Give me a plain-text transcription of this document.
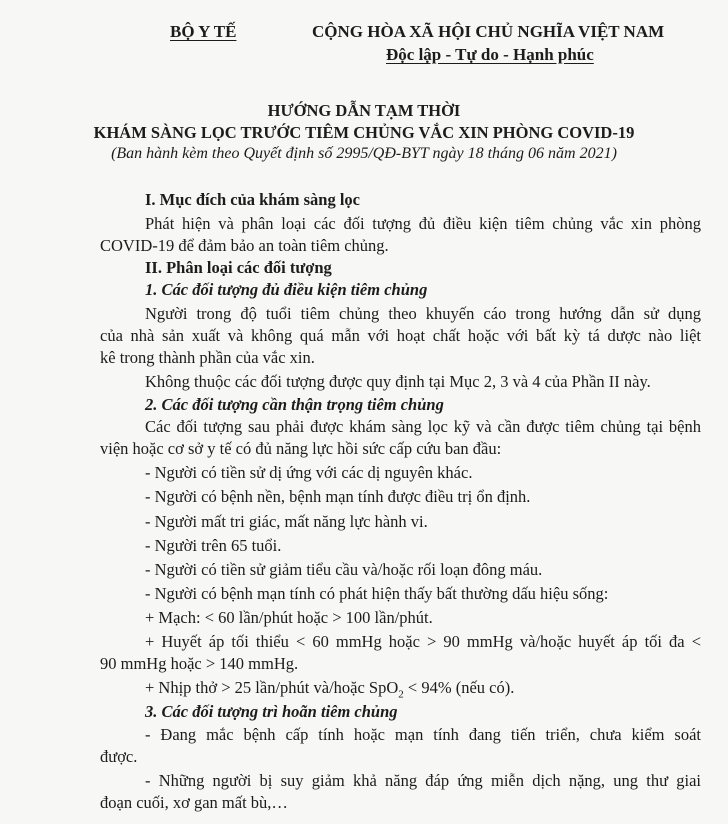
BỘ Y TẾ	CỘNG HÒA XÃ HỘI CHỦ NGHĨA VIỆT NAM
Độc lập - Tự do - Hạnh phúc
HƯỚNG DẪN TẠM THỜI
KHÁM SÀNG LỌC TRƯỚC TIÊM CHỦNG VẮC XIN PHÒNG COVID-19
(Ban hành kèm theo Quyết định số 2995/QĐ-BYT ngày 18 tháng 06 năm 2021)
I. Mục đích của khám sàng lọc
Phát hiện và phân loại các đối tượng đủ điều kiện tiêm chủng vắc xin phòng
COVID-19 để đảm bảo an toàn tiêm chủng.
II. Phân loại các đối tượng
1. Các đối tượng đủ điều kiện tiêm chủng
Người trong độ tuổi tiêm chủng theo khuyến cáo trong hướng dẫn sử dụng
của nhà sản xuất và không quá mẫn với hoạt chất hoặc với bất kỳ tá dược nào liệt
kê trong thành phần của vắc xin.
Không thuộc các đối tượng được quy định tại Mục 2, 3 và 4 của Phần II này.
2. Các đối tượng cần thận trọng tiêm chủng
Các đối tượng sau phải được khám sàng lọc kỹ và cần được tiêm chủng tại bệnh
viện hoặc cơ sở y tế có đủ năng lực hồi sức cấp cứu ban đầu:
- Người có tiền sử dị ứng với các dị nguyên khác.
- Người có bệnh nền, bệnh mạn tính được điều trị ổn định.
- Người mất tri giác, mất năng lực hành vi.
- Người trên 65 tuổi.
- Người có tiền sử giảm tiểu cầu và/hoặc rối loạn đông máu.
- Người có bệnh mạn tính có phát hiện thấy bất thường dấu hiệu sống:
+ Mạch: < 60 lần/phút hoặc > 100 lần/phút.
+ Huyết áp tối thiểu < 60 mmHg hoặc > 90 mmHg và/hoặc huyết áp tối đa <
90 mmHg hoặc > 140 mmHg.
+ Nhịp thở > 25 lần/phút và/hoặc SpO$_2$ < 94% (nếu có).
3. Các đối tượng trì hoãn tiêm chủng
- Đang mắc bệnh cấp tính hoặc mạn tính đang tiến triển, chưa kiểm soát
được.
- Những người bị suy giảm khả năng đáp ứng miễn dịch nặng, ung thư giai
đoạn cuối, xơ gan mất bù,…
